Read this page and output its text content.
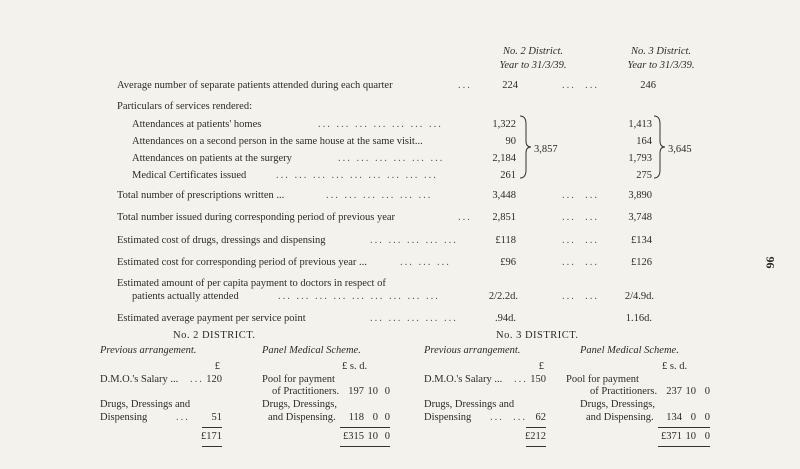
No. 2 District.
Year to 31/3/39.
No. 3 District.
Year to 31/3/39.
Average number of separate patients attended during each quarter	...	224	...  ...	246
Particulars of services rendered:
Attendances at patients' homes	... ... ... ... ... ... ...	1,322	1,413
Attendances on a second person in the same house at the same visit...	90	164
Attendances on patients at the surgery	... ... ... ... ... ...	2,184	1,793
Medical Certificates issued	... ... ... ... ... ... ... ... ...	261	275
3,857	3,645
Total number of prescriptions written ...	... ... ... ... ... ...	3,448	...  ...	3,890
Total number issued during corresponding period of previous year	...	2,851	...  ...	3,748
Estimated cost of drugs, dressings and dispensing	... ... ... ... ...	£118	...  ...	£134
Estimated cost for corresponding period of previous year ...	... ... ...	£96	...  ...	£126
Estimated amount of per capita payment to doctors in respect of
patients actually attended	... ... ... ... ... ... ... ... ...	2/2.2d.	...  ...	2/4.9d.
Estimated average payment per service point	... ... ... ... ...	.94d.	1.16d.
96
No. 2 DISTRICT.
Previous arrangement.	Panel Medical Scheme.
£	£ s. d.
D.M.O.'s Salary ... ... 120
Drugs, Dressings and
Dispensing	...	51
£171
Pool for payment
of Practitioners. 197 10 0
Drugs, Dressings,
and Dispensing.	118 0 0
£315 10 0
No. 3 DISTRICT.
Previous arrangement.	Panel Medical Scheme.
£	£ s. d.
D.M.O.'s Salary ... ... 150
Drugs, Dressings and
Dispensing ...  ... 62
£212
Pool for payment
of Practitioners. 237 10 0
Drugs, Dressings,
and Dispensing.	134 0 0
£371 10 0
